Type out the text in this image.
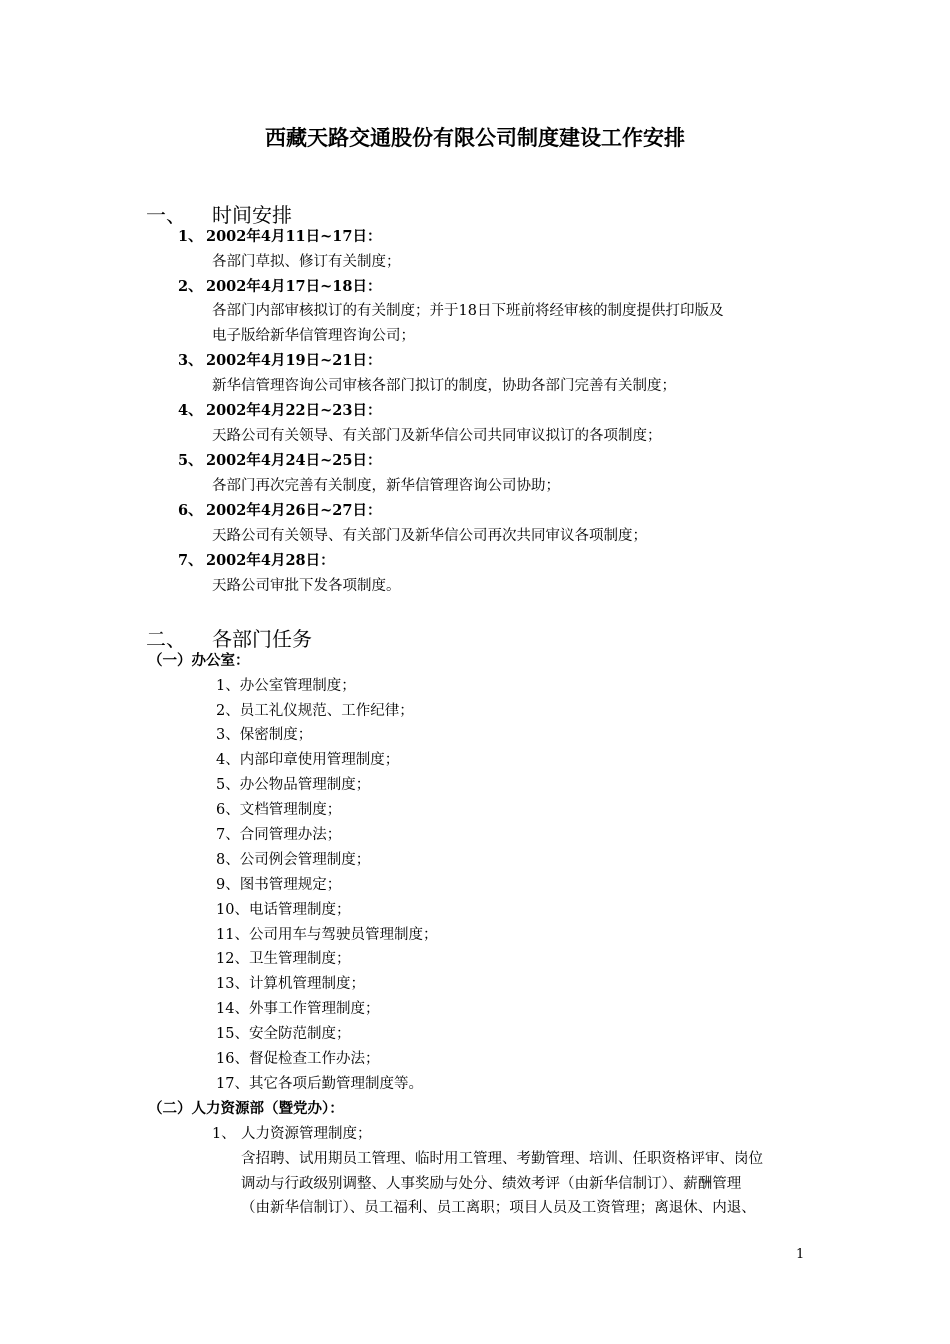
西藏天路交通股份有限公司制度建设工作安排
一、 时间安排
1、 2002年4月11日~17日：
各部门草拟、修订有关制度；
2、 2002年4月17日~18日：
各部门内部审核拟订的有关制度；并于18日下班前将经审核的制度提供打印版及
电子版给新华信管理咨询公司；
3、 2002年4月19日~21日：
新华信管理咨询公司审核各部门拟订的制度，协助各部门完善有关制度；
4、 2002年4月22日~23日：
天路公司有关领导、有关部门及新华信公司共同审议拟订的各项制度；
5、 2002年4月24日~25日：
各部门再次完善有关制度，新华信管理咨询公司协助；
6、 2002年4月26日~27日：
天路公司有关领导、有关部门及新华信公司再次共同审议各项制度；
7、 2002年4月28日：
天路公司审批下发各项制度。
二、 各部门任务
（一）办公室：
1、办公室管理制度；
2、员工礼仪规范、工作纪律；
3、保密制度；
4、内部印章使用管理制度；
5、办公物品管理制度；
6、文档管理制度；
7、合同管理办法；
8、公司例会管理制度；
9、图书管理规定；
10、电话管理制度；
11、公司用车与驾驶员管理制度；
12、卫生管理制度；
13、计算机管理制度；
14、外事工作管理制度；
15、安全防范制度；
16、督促检查工作办法；
17、其它各项后勤管理制度等。
（二）人力资源部（暨党办）：
1、 人力资源管理制度；
含招聘、试用期员工管理、临时用工管理、考勤管理、培训、任职资格评审、岗位
调动与行政级别调整、人事奖励与处分、绩效考评（由新华信制订）、薪酬管理
（由新华信制订）、员工福利、员工离职；项目人员及工资管理；离退休、内退、
1
